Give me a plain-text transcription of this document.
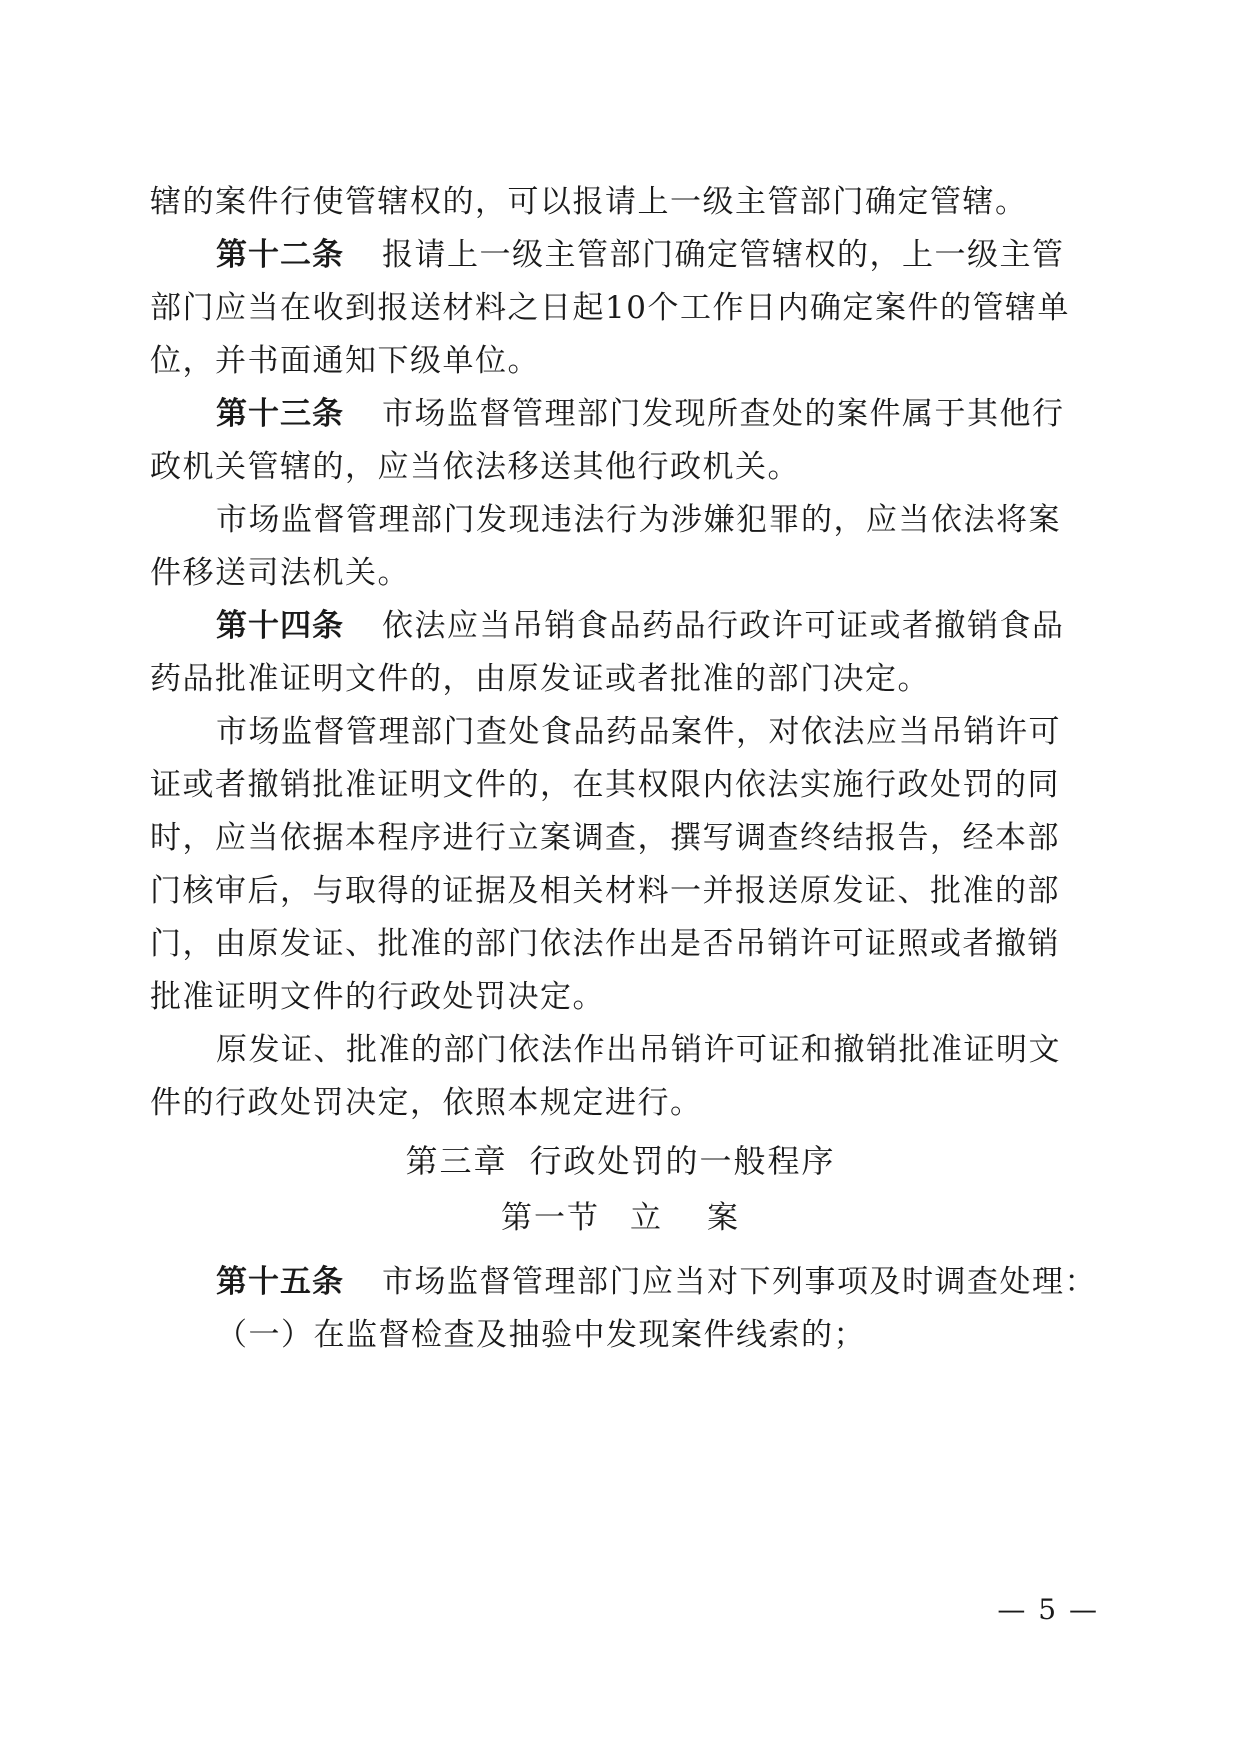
辖的案件行使管辖权的，可以报请上一级主管部门确定管辖。
第十二条 报请上一级主管部门确定管辖权的，上一级主管
部门应当在收到报送材料之日起10个工作日内确定案件的管辖单
位，并书面通知下级单位。
第十三条 市场监督管理部门发现所查处的案件属于其他行
政机关管辖的，应当依法移送其他行政机关。
市场监督管理部门发现违法行为涉嫌犯罪的，应当依法将案
件移送司法机关。
第十四条 依法应当吊销食品药品行政许可证或者撤销食品
药品批准证明文件的，由原发证或者批准的部门决定。
市场监督管理部门查处食品药品案件，对依法应当吊销许可
证或者撤销批准证明文件的，在其权限内依法实施行政处罚的同
时，应当依据本程序进行立案调查，撰写调查终结报告，经本部
门核审后，与取得的证据及相关材料一并报送原发证、批准的部
门，由原发证、批准的部门依法作出是否吊销许可证照或者撤销
批准证明文件的行政处罚决定。
原发证、批准的部门依法作出吊销许可证和撤销批准证明文
件的行政处罚决定，依照本规定进行。
第三章 行政处罚的一般程序
第一节 立 案
第十五条 市场监督管理部门应当对下列事项及时调查处理：
（一）在监督检查及抽验中发现案件线索的；
— 5 —
